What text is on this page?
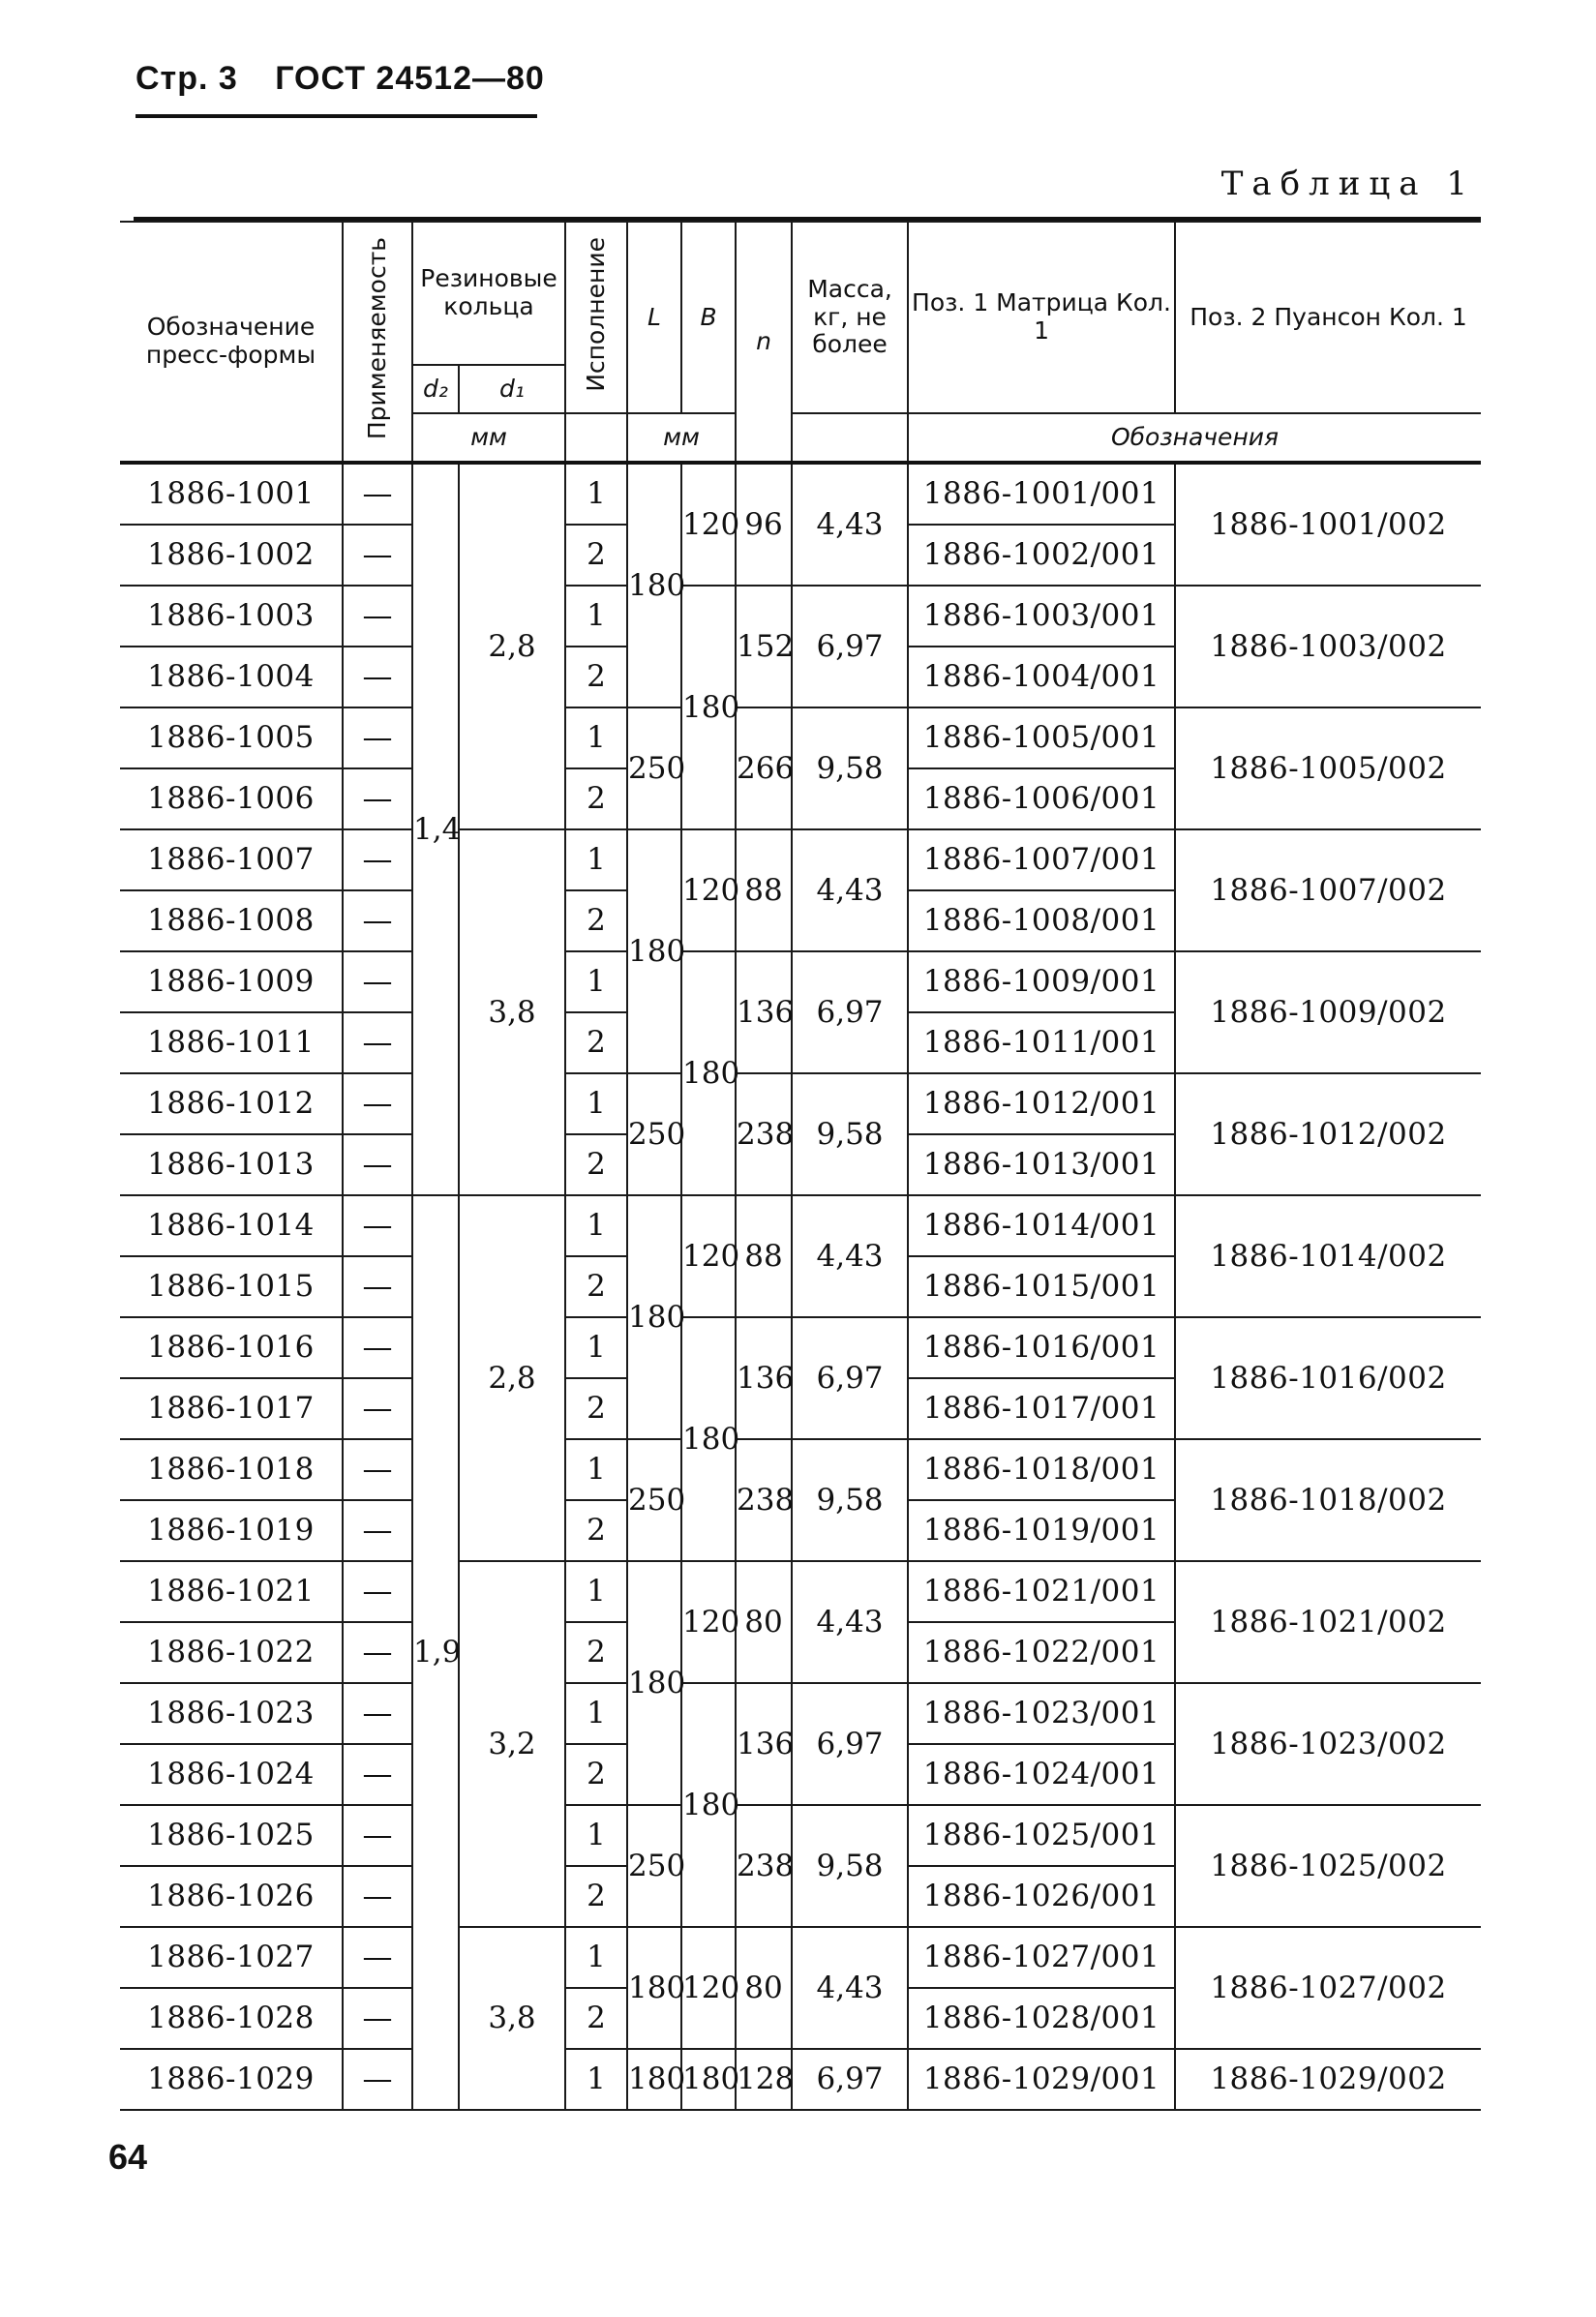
Стр. 3 ГОСТ 24512—80
Таблица 1
Обозначение пресс-формы	Применяемость	Резиновые кольца		Исполнение	L	B	n	Масса, кг, не более	Поз. 1 Матрица Кол. 1	Поз. 2 Пуансон Кол. 1
		d₂	d₁							
		мм			мм				Обозначения	
1886-1001	—	1,4	2,8	1	180	120	96	4,43	1886-1001/001	1886-1001/002
1886-1002	—			2					1886-1002/001	
1886-1003	—			1		180	152	6,97	1886-1003/001	1886-1003/002
1886-1004	—			2					1886-1004/001	
1886-1005	—			1	250		266	9,58	1886-1005/001	1886-1005/002
1886-1006	—			2					1886-1006/001	
1886-1007	—		3,8	1	180	120	88	4,43	1886-1007/001	1886-1007/002
1886-1008	—			2					1886-1008/001	
1886-1009	—			1		180	136	6,97	1886-1009/001	1886-1009/002
1886-1011	—			2					1886-1011/001	
1886-1012	—			1	250		238	9,58	1886-1012/001	1886-1012/002
1886-1013	—			2					1886-1013/001	
1886-1014	—	1,9	2,8	1	180	120	88	4,43	1886-1014/001	1886-1014/002
1886-1015	—			2					1886-1015/001	
1886-1016	—			1		180	136	6,97	1886-1016/001	1886-1016/002
1886-1017	—			2					1886-1017/001	
1886-1018	—			1	250		238	9,58	1886-1018/001	1886-1018/002
1886-1019	—			2					1886-1019/001	
1886-1021	—		3,2	1	180	120	80	4,43	1886-1021/001	1886-1021/002
1886-1022	—			2					1886-1022/001	
1886-1023	—			1		180	136	6,97	1886-1023/001	1886-1023/002
1886-1024	—			2					1886-1024/001	
1886-1025	—			1	250		238	9,58	1886-1025/001	1886-1025/002
1886-1026	—			2					1886-1026/001	
1886-1027	—		3,8	1	180	120	80	4,43	1886-1027/001	1886-1027/002
1886-1028	—			2					1886-1028/001	
1886-1029	—			1	180	180	128	6,97	1886-1029/001	1886-1029/002
64
